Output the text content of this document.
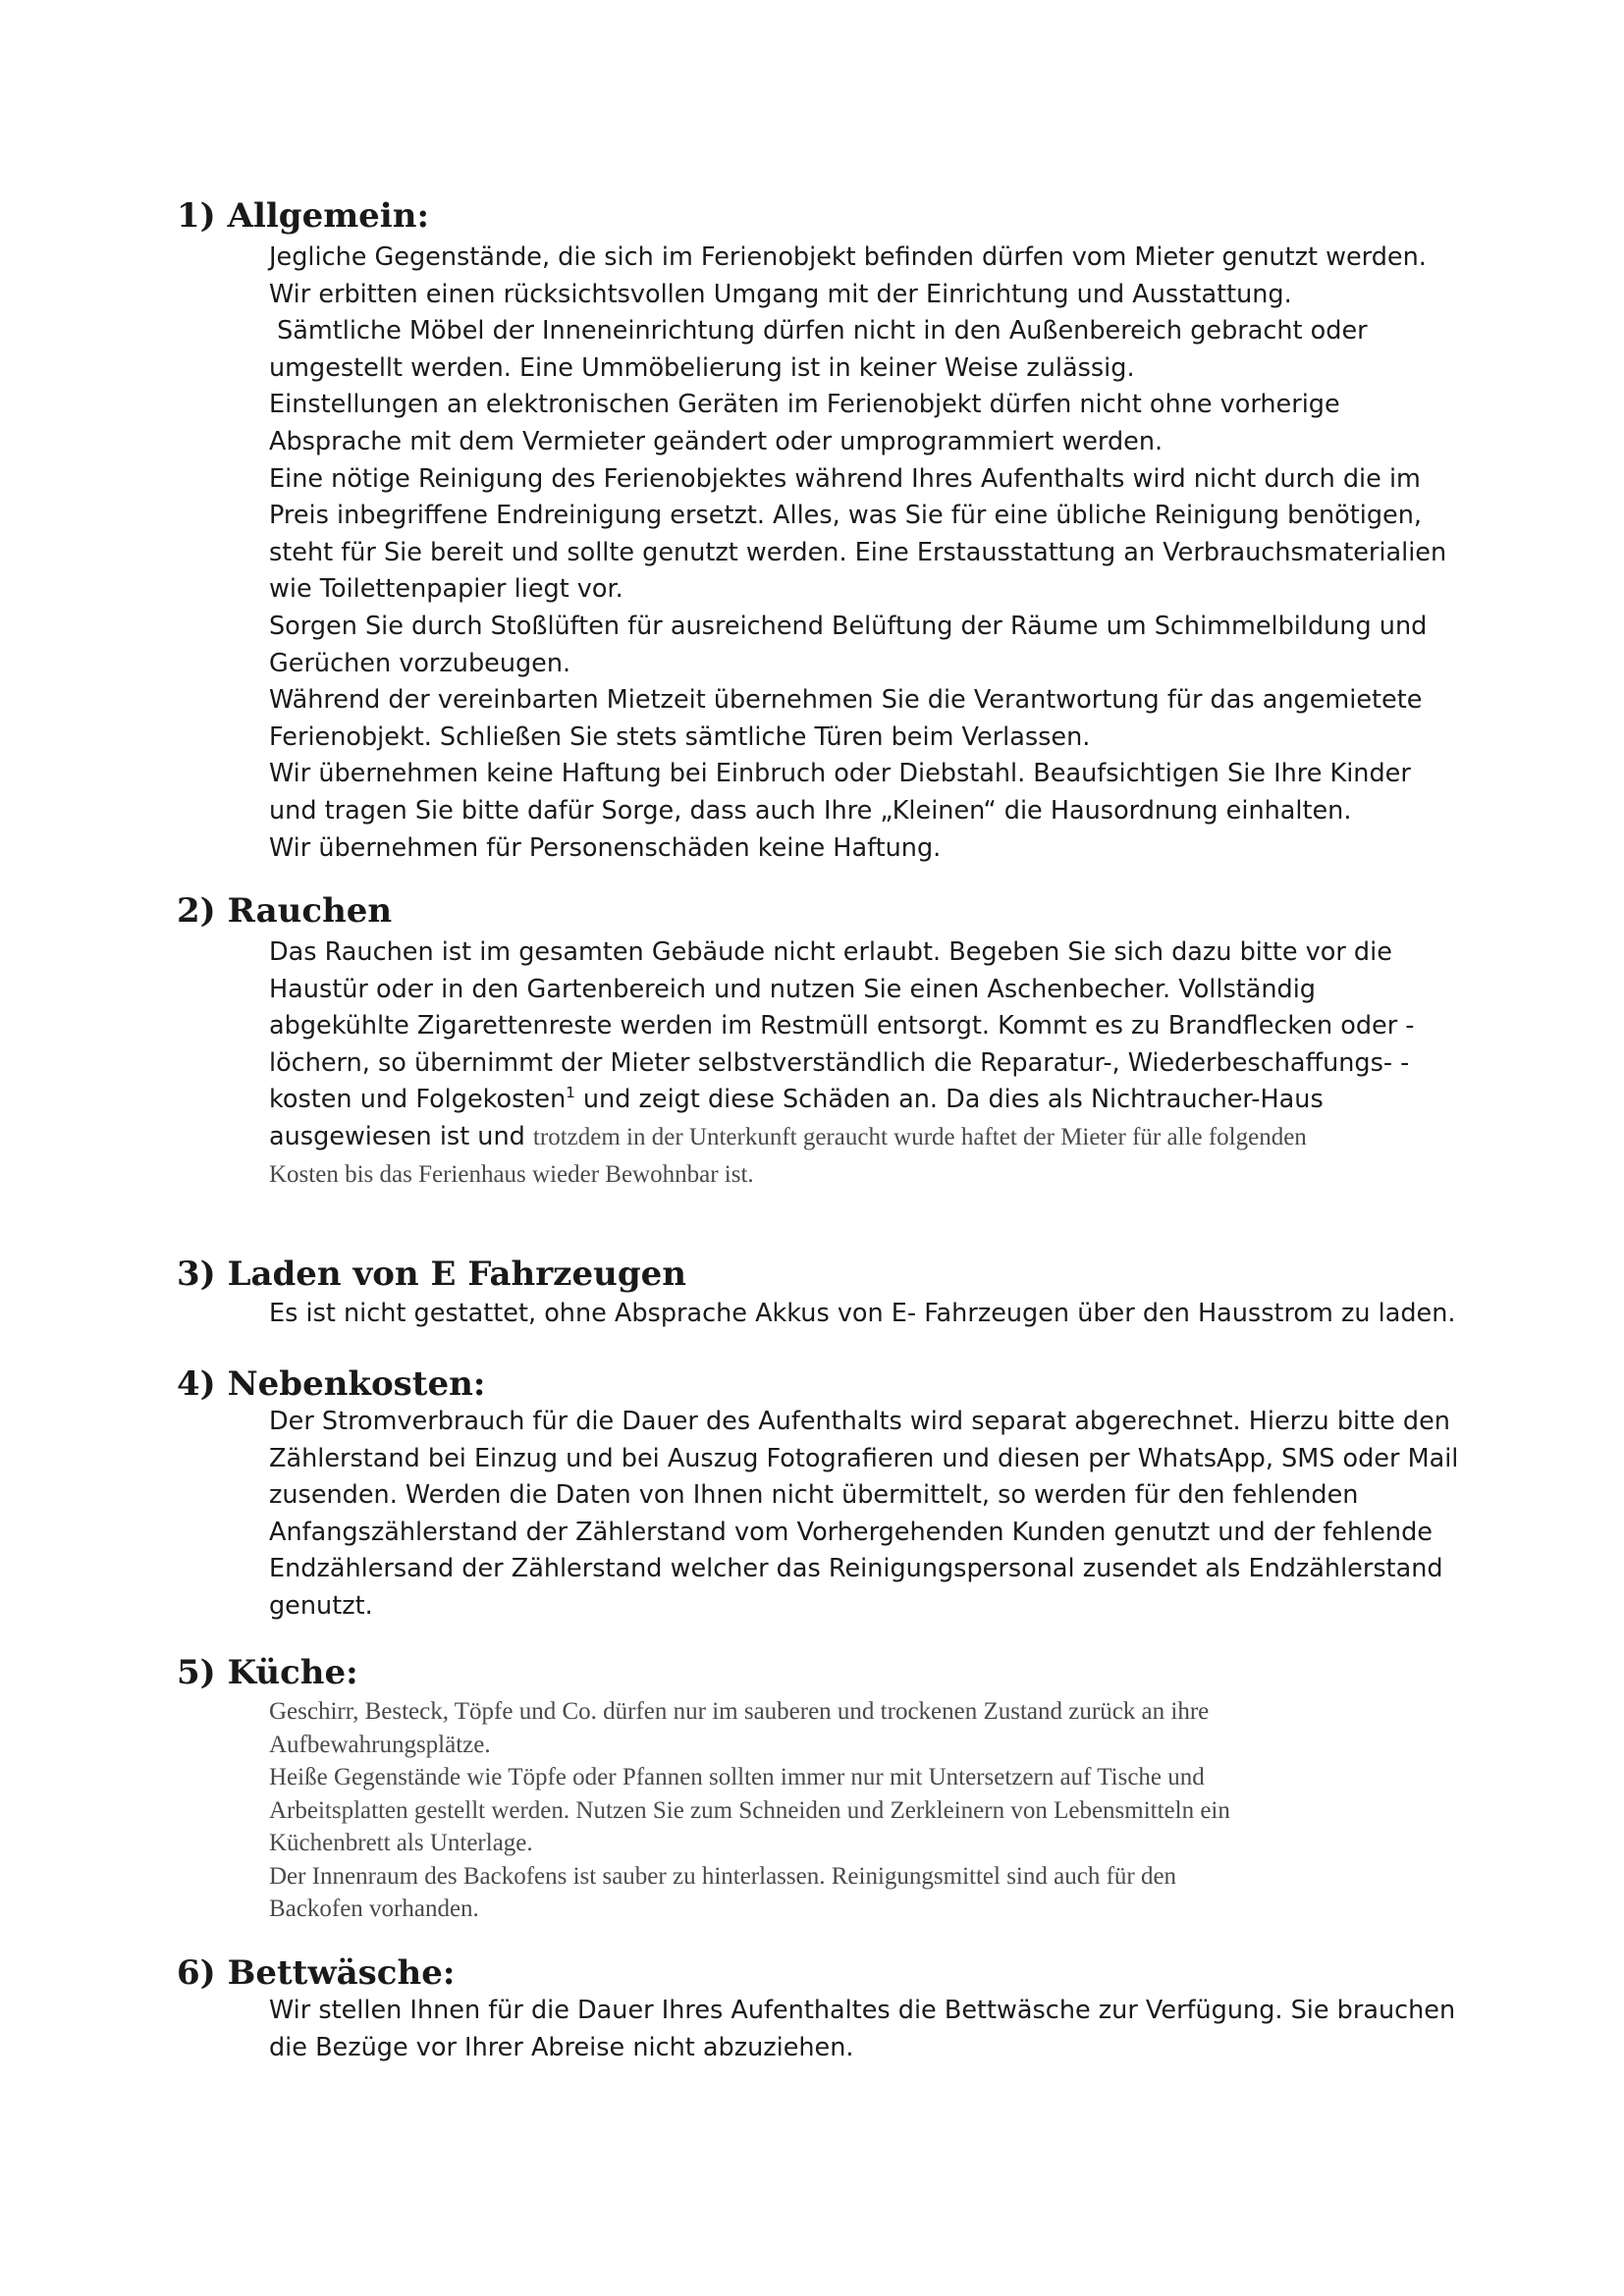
1) Allgemein:
Jegliche Gegenstände, die sich im Ferienobjekt befinden dürfen vom Mieter genutzt werden.
Wir erbitten einen rücksichtsvollen Umgang mit der Einrichtung und Ausstattung.
Sämtliche Möbel der Inneneinrichtung dürfen nicht in den Außenbereich gebracht oder
umgestellt werden. Eine Ummöbelierung ist in keiner Weise zulässig.
Einstellungen an elektronischen Geräten im Ferienobjekt dürfen nicht ohne vorherige
Absprache mit dem Vermieter geändert oder umprogrammiert werden.
Eine nötige Reinigung des Ferienobjektes während Ihres Aufenthalts wird nicht durch die im
Preis inbegriffene Endreinigung ersetzt. Alles, was Sie für eine übliche Reinigung benötigen,
steht für Sie bereit und sollte genutzt werden. Eine Erstausstattung an Verbrauchsmaterialien
wie Toilettenpapier liegt vor.
Sorgen Sie durch Stoßlüften für ausreichend Belüftung der Räume um Schimmelbildung und
Gerüchen vorzubeugen.
Während der vereinbarten Mietzeit übernehmen Sie die Verantwortung für das angemietete
Ferienobjekt. Schließen Sie stets sämtliche Türen beim Verlassen.
Wir übernehmen keine Haftung bei Einbruch oder Diebstahl. Beaufsichtigen Sie Ihre Kinder
und tragen Sie bitte dafür Sorge, dass auch Ihre „Kleinen“ die Hausordnung einhalten.
Wir übernehmen für Personenschäden keine Haftung.
2) Rauchen
Das Rauchen ist im gesamten Gebäude nicht erlaubt. Begeben Sie sich dazu bitte vor die
Haustür oder in den Gartenbereich und nutzen Sie einen Aschenbecher. Vollständig
abgekühlte Zigarettenreste werden im Restmüll entsorgt. Kommt es zu Brandflecken oder -
löchern, so übernimmt der Mieter selbstverständlich die Reparatur-, Wiederbeschaffungs- -
kosten und Folgekosten$^1$ und zeigt diese Schäden an. Da dies als Nichtraucher-Haus
ausgewiesen ist und trotzdem in der Unterkunft geraucht wurde haftet der Mieter für alle folgenden
Kosten bis das Ferienhaus wieder Bewohnbar ist.
3) Laden von E Fahrzeugen
Es ist nicht gestattet, ohne Absprache Akkus von E- Fahrzeugen über den Hausstrom zu laden.
4) Nebenkosten:
Der Stromverbrauch für die Dauer des Aufenthalts wird separat abgerechnet. Hierzu bitte den
Zählerstand bei Einzug und bei Auszug Fotografieren und diesen per WhatsApp, SMS oder Mail
zusenden. Werden die Daten von Ihnen nicht übermittelt, so werden für den fehlenden
Anfangszählerstand der Zählerstand vom Vorhergehenden Kunden genutzt und der fehlende
Endzählersand der Zählerstand welcher das Reinigungspersonal zusendet als Endzählerstand
genutzt.
5) Küche:
Geschirr, Besteck, Töpfe und Co. dürfen nur im sauberen und trockenen Zustand zurück an ihre
Aufbewahrungsplätze.
Heiße Gegenstände wie Töpfe oder Pfannen sollten immer nur mit Untersetzern auf Tische und
Arbeitsplatten gestellt werden. Nutzen Sie zum Schneiden und Zerkleinern von Lebensmitteln ein
Küchenbrett als Unterlage.
Der Innenraum des Backofens ist sauber zu hinterlassen. Reinigungsmittel sind auch für den
Backofen vorhanden.
6) Bettwäsche:
Wir stellen Ihnen für die Dauer Ihres Aufenthaltes die Bettwäsche zur Verfügung. Sie brauchen
die Bezüge vor Ihrer Abreise nicht abzuziehen.
